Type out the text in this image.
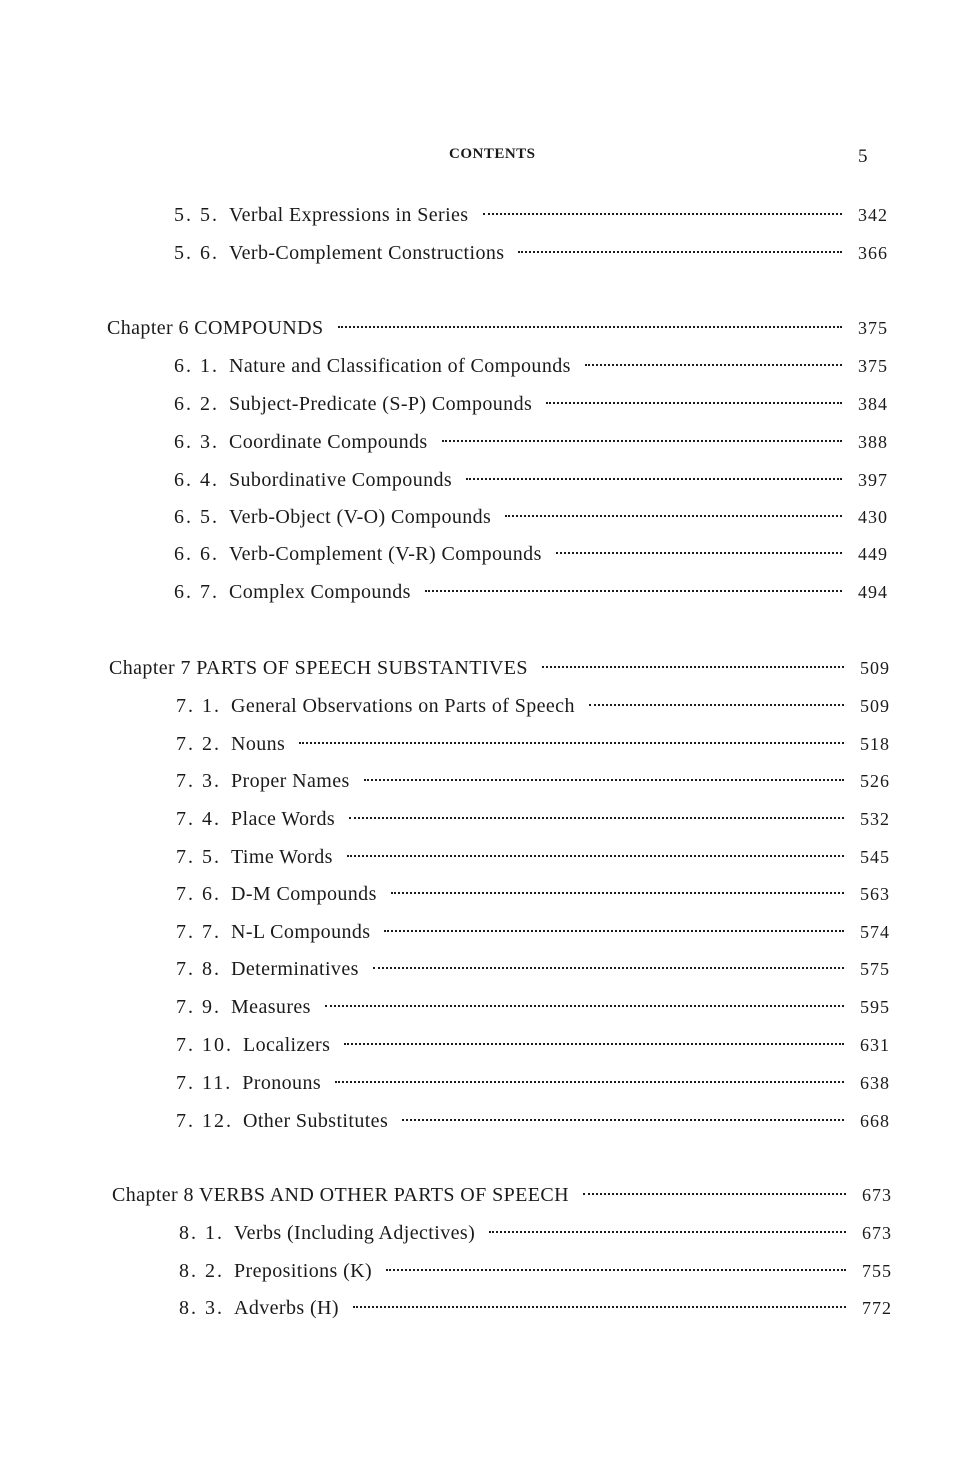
CONTENTS	5
5. 5. Verbal Expressions in Series	342
5. 6. Verb-Complement Constructions	366
Chapter 6 COMPOUNDS	375
6. 1. Nature and Classification of Compounds	375
6. 2. Subject-Predicate (S-P) Compounds	384
6. 3. Coordinate Compounds	388
6. 4. Subordinative Compounds	397
6. 5. Verb-Object (V-O) Compounds	430
6. 6. Verb-Complement (V-R) Compounds	449
6. 7. Complex Compounds	494
Chapter 7 PARTS OF SPEECH SUBSTANTIVES	509
7. 1. General Observations on Parts of Speech	509
7. 2. Nouns	518
7. 3. Proper Names	526
7. 4. Place Words	532
7. 5. Time Words	545
7. 6. D-M Compounds	563
7. 7. N-L Compounds	574
7. 8. Determinatives	575
7. 9. Measures	595
7. 10. Localizers	631
7. 11. Pronouns	638
7. 12. Other Substitutes	668
Chapter 8 VERBS AND OTHER PARTS OF SPEECH	673
8. 1. Verbs (Including Adjectives)	673
8. 2. Prepositions (K)	755
8. 3. Adverbs (H)	772
